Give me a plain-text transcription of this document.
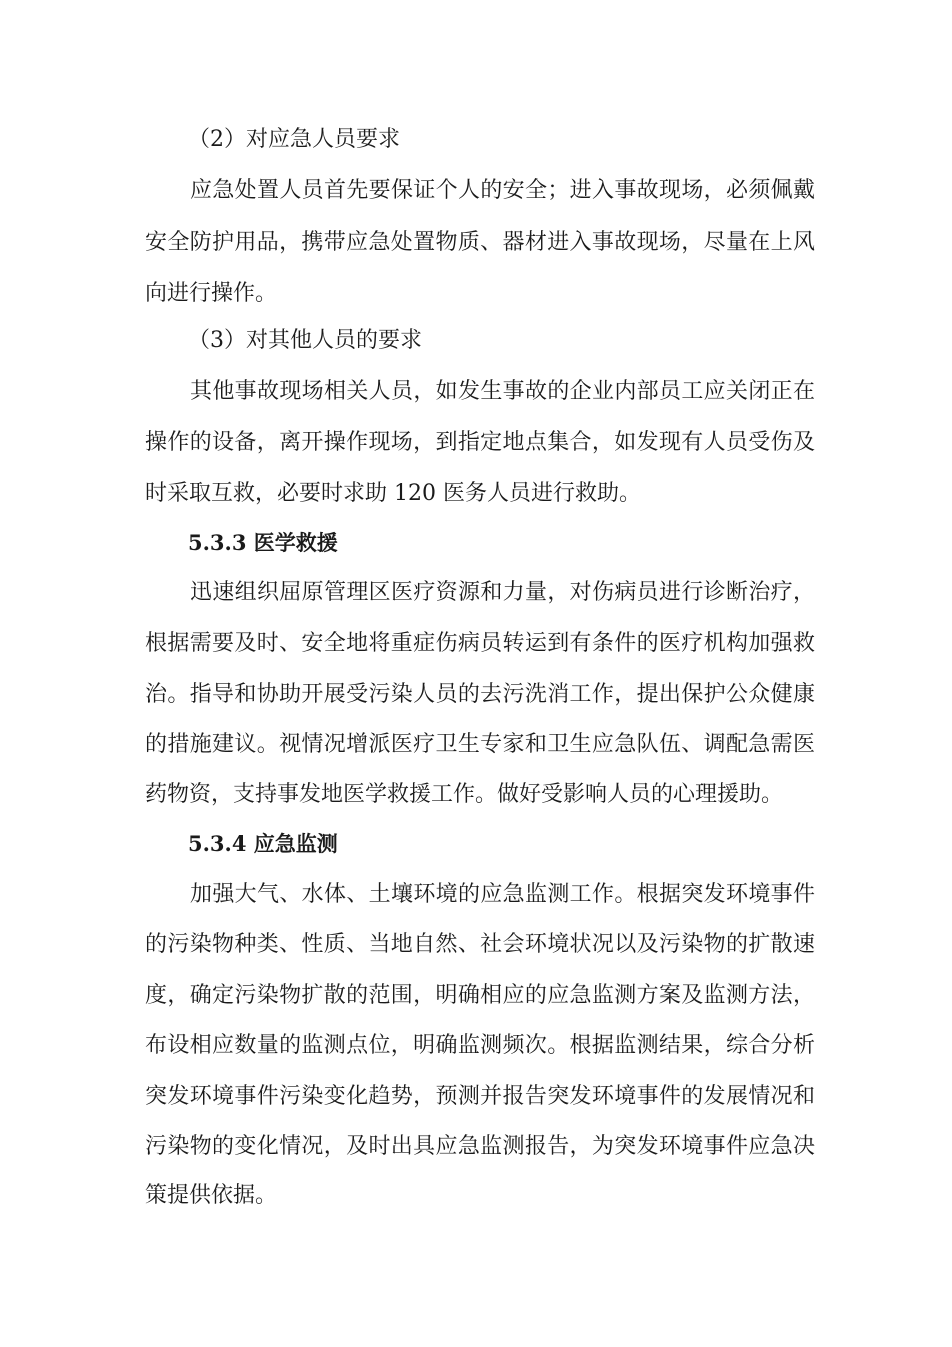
（2）对应急人员要求
应急处置人员首先要保证个人的安全；进入事故现场，必须佩戴
安全防护用品，携带应急处置物质、器材进入事故现场，尽量在上风
向进行操作。
（3）对其他人员的要求
其他事故现场相关人员，如发生事故的企业内部员工应关闭正在
操作的设备，离开操作现场，到指定地点集合，如发现有人员受伤及
时采取互救，必要时求助 120 医务人员进行救助。
5.3.3 医学救援
迅速组织屈原管理区医疗资源和力量，对伤病员进行诊断治疗，
根据需要及时、安全地将重症伤病员转运到有条件的医疗机构加强救
治。指导和协助开展受污染人员的去污洗消工作，提出保护公众健康
的措施建议。视情况增派医疗卫生专家和卫生应急队伍、调配急需医
药物资，支持事发地医学救援工作。做好受影响人员的心理援助。
5.3.4 应急监测
加强大气、水体、土壤环境的应急监测工作。根据突发环境事件
的污染物种类、性质、当地自然、社会环境状况以及污染物的扩散速
度，确定污染物扩散的范围，明确相应的应急监测方案及监测方法，
布设相应数量的监测点位，明确监测频次。根据监测结果，综合分析
突发环境事件污染变化趋势，预测并报告突发环境事件的发展情况和
污染物的变化情况，及时出具应急监测报告，为突发环境事件应急决
策提供依据。
